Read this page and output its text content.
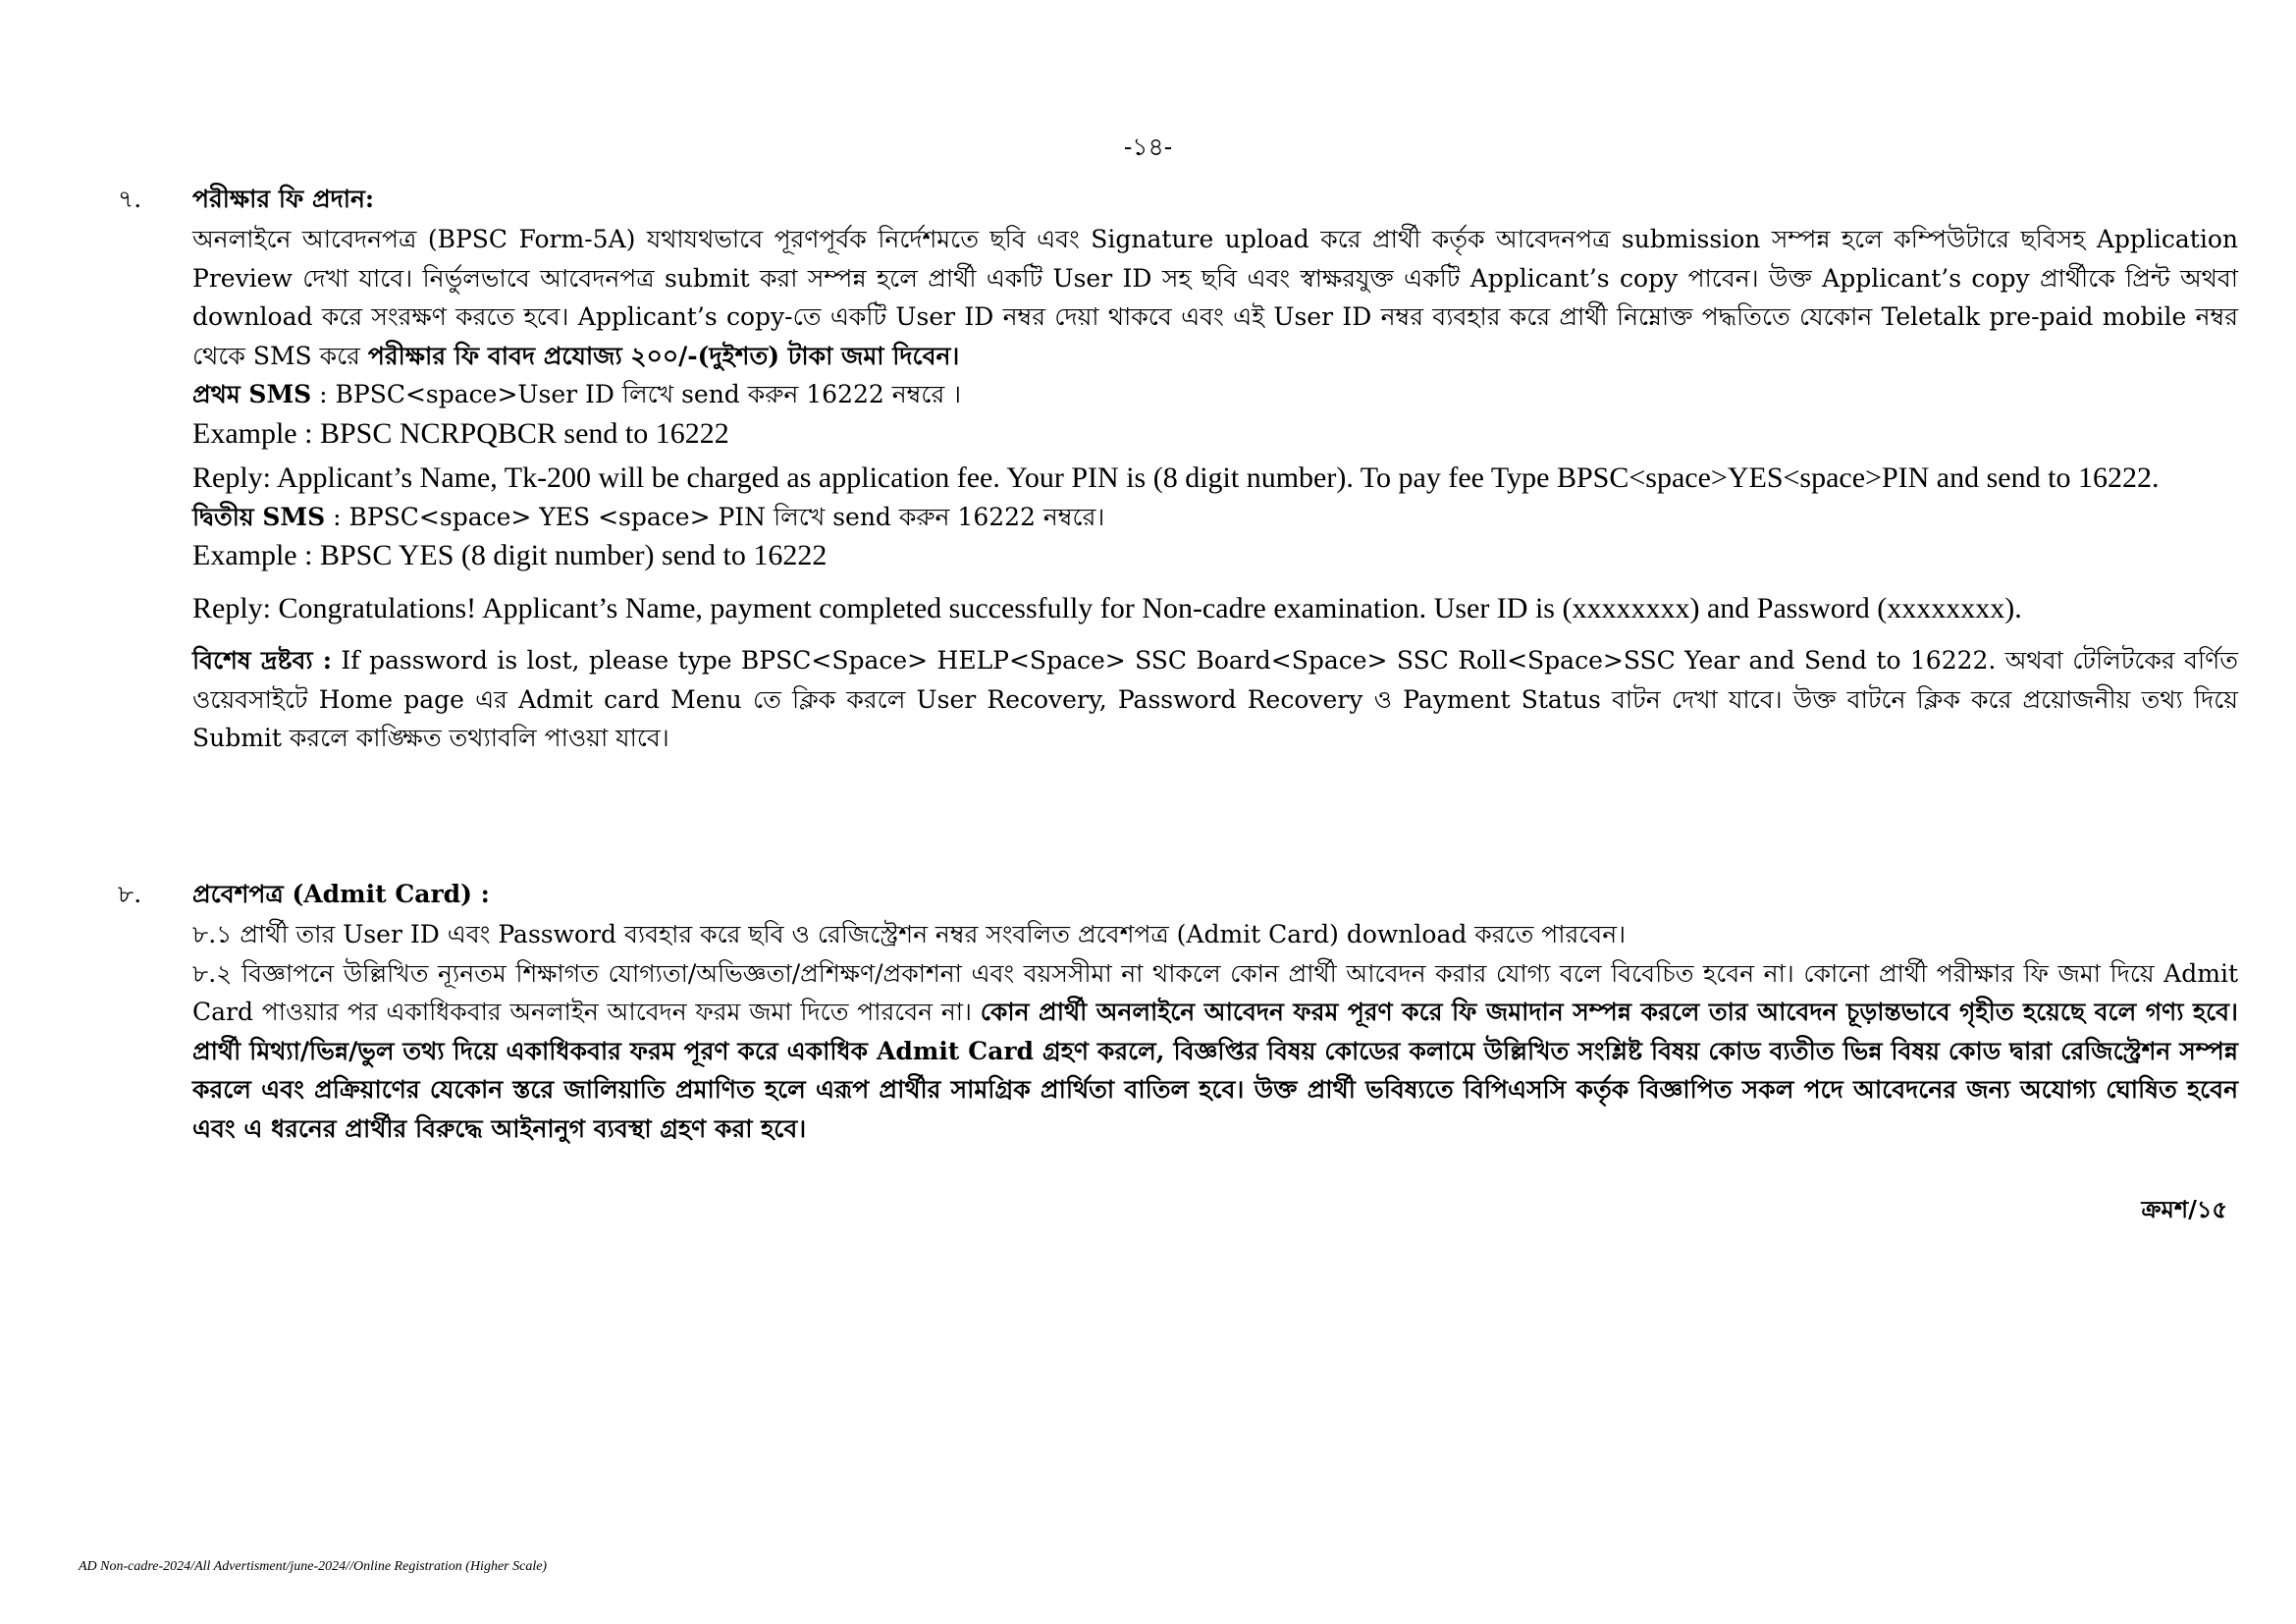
-১৪-
৭.	পরীক্ষার ফি প্রদান:

অনলাইনে আবেদনপত্র (BPSC Form-5A) যথাযথভাবে পূরণপূর্বক নির্দেশমতে ছবি এবং Signature upload করে প্রার্থী কর্তৃক আবেদনপত্র submission সম্পন্ন হলে কম্পিউটারে ছবিসহ Application Preview দেখা যাবে। নির্ভুলভাবে আবেদনপত্র submit করা সম্পন্ন হলে প্রার্থী একটি User ID সহ ছবি এবং স্বাক্ষরযুক্ত একটি Applicant’s copy পাবেন। উক্ত Applicant’s copy প্রার্থীকে প্রিন্ট অথবা download করে সংরক্ষণ করতে হবে। Applicant’s copy-তে একটি User ID নম্বর দেয়া থাকবে এবং এই User ID নম্বর ব্যবহার করে প্রার্থী নিম্নোক্ত পদ্ধতিতে যেকোন Teletalk pre-paid mobile নম্বর থেকে SMS করে পরীক্ষার ফি বাবদ প্রযোজ্য ২০০/-(দুইশত) টাকা জমা দিবেন।

প্রথম SMS : BPSC<space>User ID লিখে send করুন 16222 নম্বরে ।

Example : BPSC NCRPQBCR send to 16222

Reply: Applicant’s Name, Tk-200 will be charged as application fee. Your PIN is (8 digit number). To pay fee Type BPSC<space>YES<space>PIN and send to 16222.

দ্বিতীয় SMS : BPSC<space> YES <space> PIN লিখে send করুন 16222 নম্বরে।

Example : BPSC YES (8 digit number) send to 16222

Reply: Congratulations! Applicant’s Name, payment completed successfully for Non-cadre examination. User ID is (xxxxxxxx) and Password (xxxxxxxx).

বিশেষ দ্রষ্টব্য : If password is lost, please type BPSC<Space> HELP<Space> SSC Board<Space> SSC Roll<Space>SSC Year and Send to 16222. অথবা টেলিটকের বর্ণিত ওয়েবসাইটে Home page এর Admit card Menu তে ক্লিক করলে User Recovery, Password Recovery ও Payment Status বাটন দেখা যাবে। উক্ত বাটনে ক্লিক করে প্রয়োজনীয় তথ্য দিয়ে Submit করলে কাঙ্ক্ষিত তথ্যাবলি পাওয়া যাবে।

৮.	প্রবেশপত্র (Admit Card) :

৮.১ প্রার্থী তার User ID এবং Password ব্যবহার করে ছবি ও রেজিস্ট্রেশন নম্বর সংবলিত প্রবেশপত্র (Admit Card) download করতে পারবেন।

৮.২ বিজ্ঞাপনে উল্লিখিত ন্যূনতম শিক্ষাগত যোগ্যতা/অভিজ্ঞতা/প্রশিক্ষণ/প্রকাশনা এবং বয়সসীমা না থাকলে কোন প্রার্থী আবেদন করার যোগ্য বলে বিবেচিত হবেন না। কোনো প্রার্থী পরীক্ষার ফি জমা দিয়ে Admit Card পাওয়ার পর একাধিকবার অনলাইন আবেদন ফরম জমা দিতে পারবেন না। কোন প্রার্থী অনলাইনে আবেদন ফরম পূরণ করে ফি জমাদান সম্পন্ন করলে তার আবেদন চূড়ান্তভাবে গৃহীত হয়েছে বলে গণ্য হবে। প্রার্থী মিথ্যা/ভিন্ন/ভুল তথ্য দিয়ে একাধিকবার ফরম পূরণ করে একাধিক Admit Card গ্রহণ করলে, বিজ্ঞপ্তির বিষয় কোডের কলামে উল্লিখিত সংশ্লিষ্ট বিষয় কোড ব্যতীত ভিন্ন বিষয় কোড দ্বারা রেজিস্ট্রেশন সম্পন্ন করলে এবং প্রক্রিয়াণের যেকোন স্তরে জালিয়াতি প্রমাণিত হলে এরূপ প্রার্থীর সামগ্রিক প্রার্থিতা বাতিল হবে। উক্ত প্রার্থী ভবিষ্যতে বিপিএসসি কর্তৃক বিজ্ঞাপিত সকল পদে আবেদনের জন্য অযোগ্য ঘোষিত হবেন এবং এ ধরনের প্রার্থীর বিরুদ্ধে আইনানুগ ব্যবস্থা গ্রহণ করা হবে।

ক্রমশ/১৫
AD Non-cadre-2024/All Advertisment/june-2024//Online Registration (Higher Scale)
